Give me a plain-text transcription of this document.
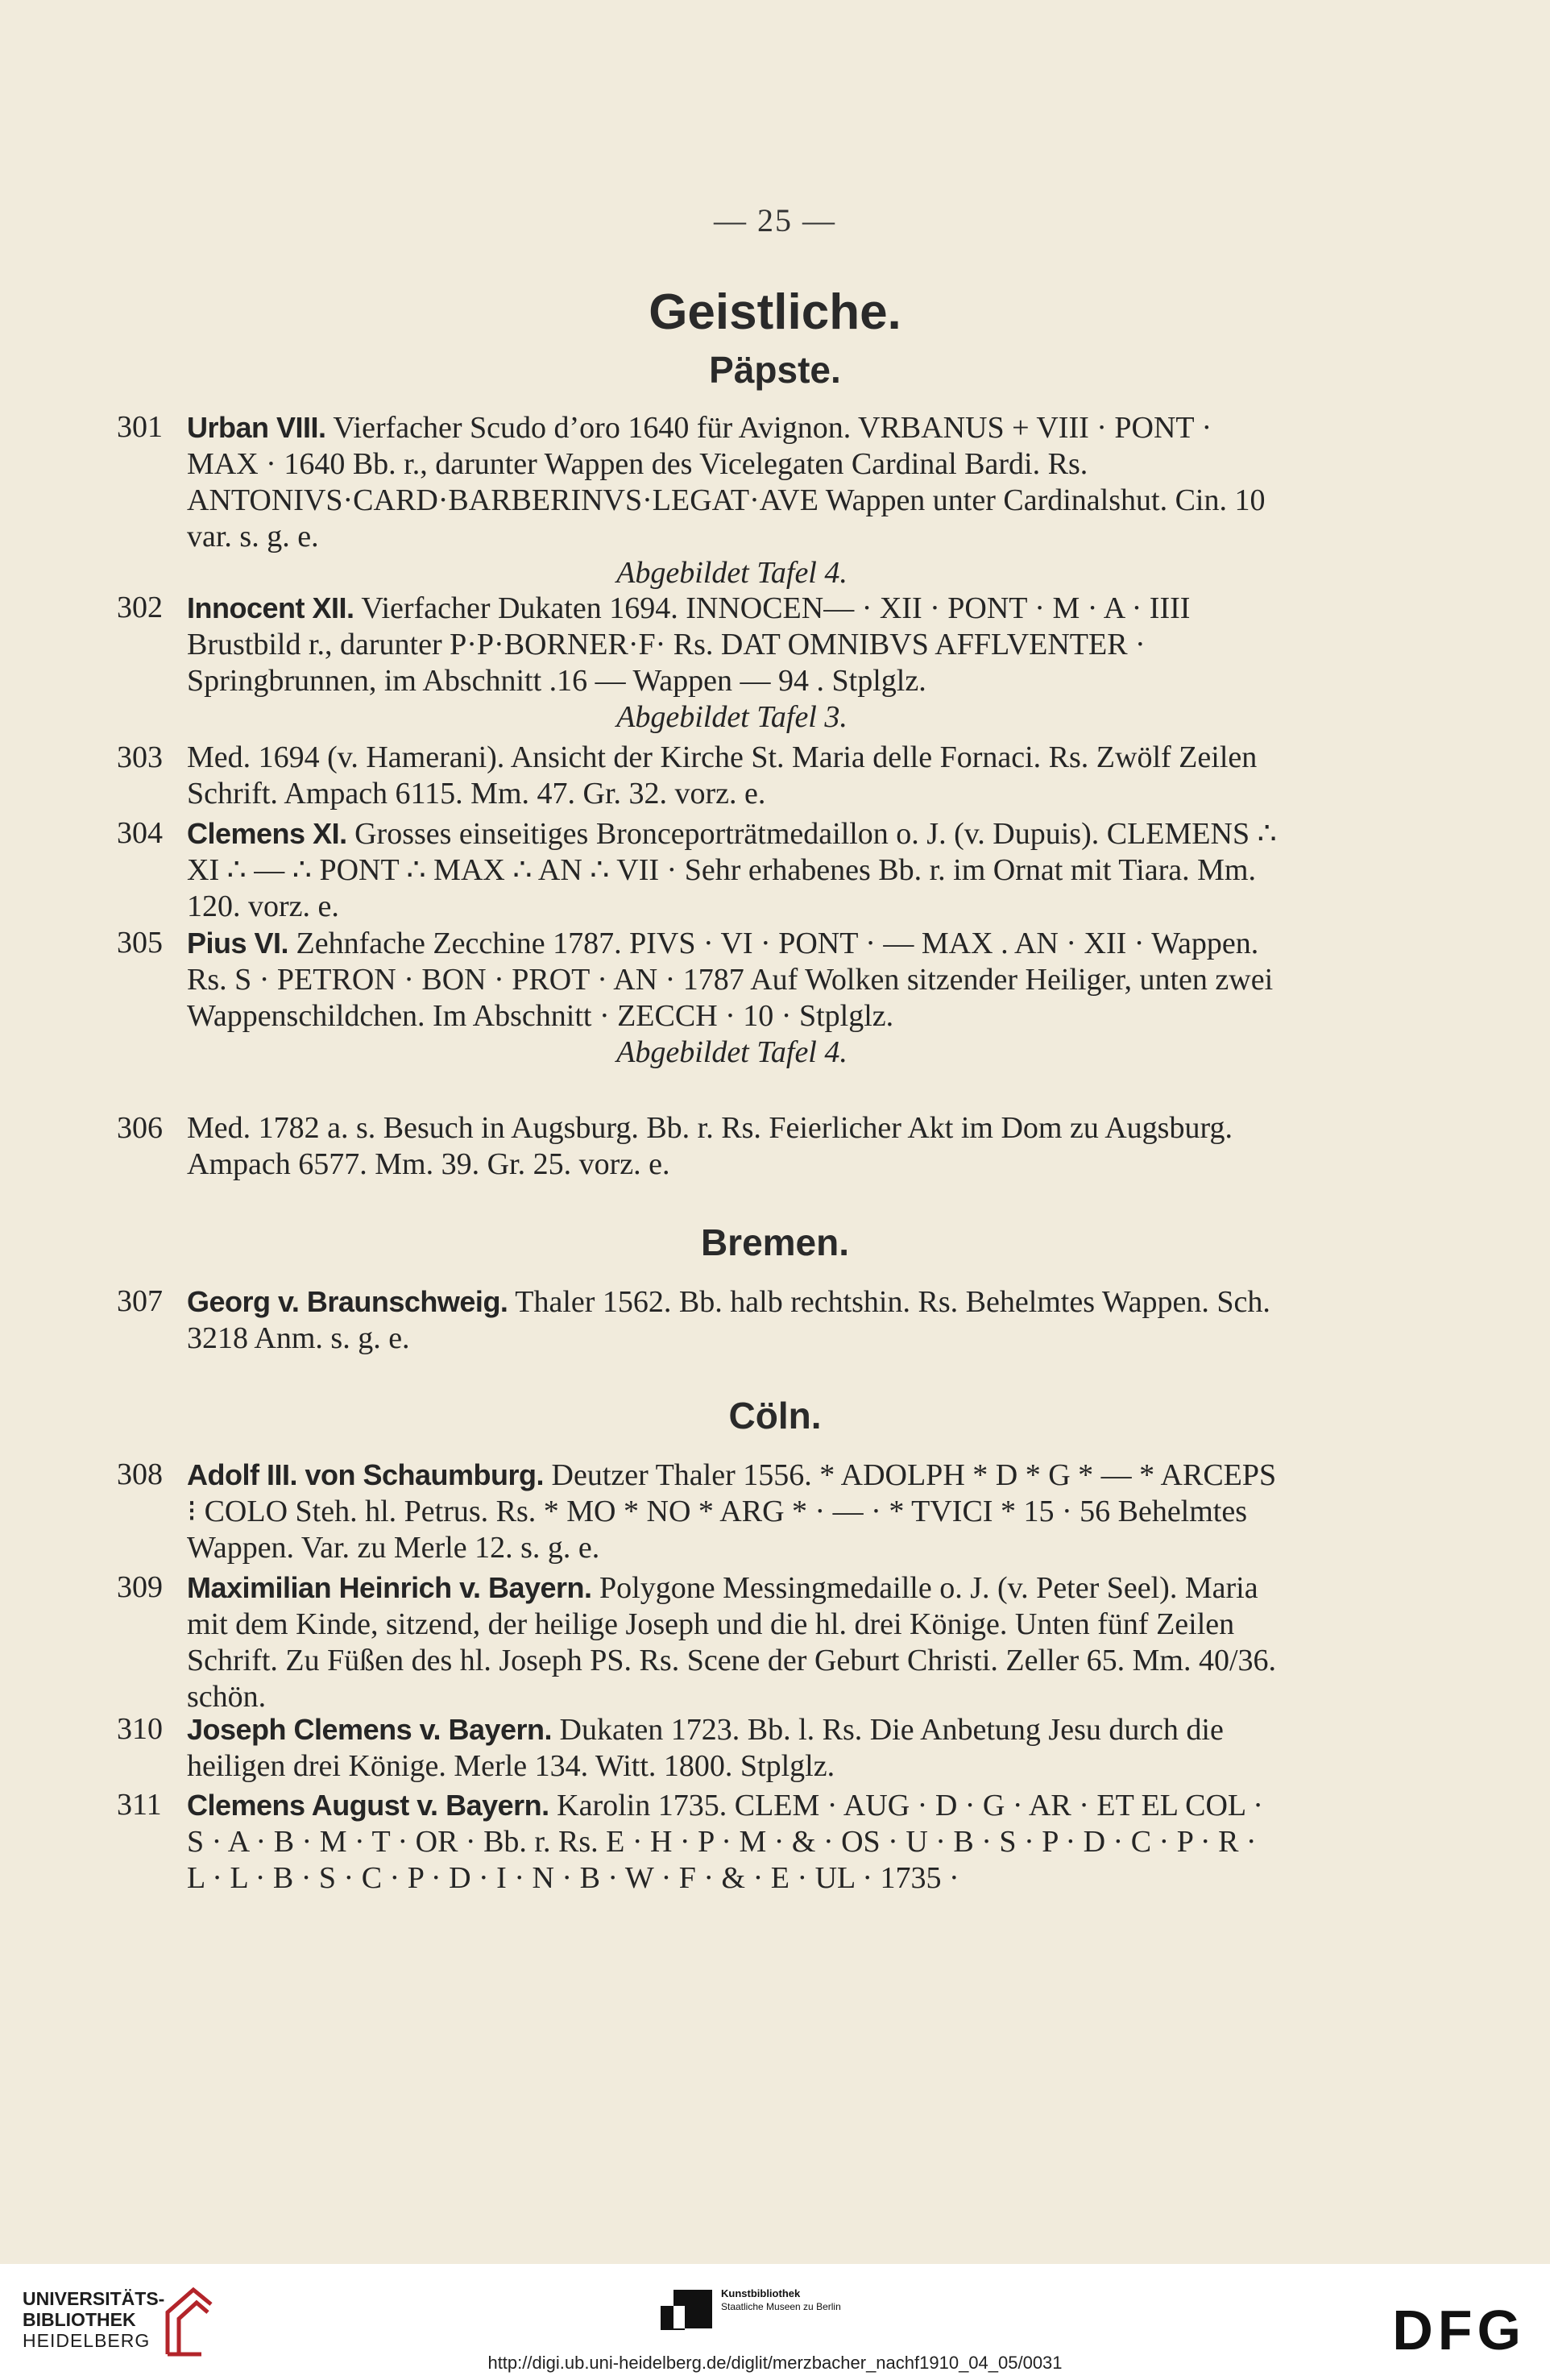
— 25 —
Geistliche.
Päpste.
301 Urban VIII. Vierfacher Scudo d’oro 1640 für Avignon. VRBANUS + VIII · PONT · MAX · 1640 Bb. r., darunter Wappen des Vicelegaten Cardinal Bardi. Rs. ANTONIVS·CARD·BARBERINVS·LEGAT·AVE Wappen unter Cardinalshut. Cin. 10 var. s. g. e.
Abgebildet Tafel 4.
302 Innocent XII. Vierfacher Dukaten 1694. INNOCEN— · XII · PONT · M · A · IIII Brustbild r., darunter P·P·BORNER·F· Rs. DAT OMNIBVS AFFLVENTER · Springbrunnen, im Abschnitt .16 — Wappen — 94 . Stplglz.
Abgebildet Tafel 3.
303 Med. 1694 (v. Hamerani). Ansicht der Kirche St. Maria delle Fornaci. Rs. Zwölf Zeilen Schrift. Ampach 6115. Mm. 47. Gr. 32. vorz. e.
304 Clemens XI. Grosses einseitiges Bronceporträtmedaillon o. J. (v. Dupuis). CLEMENS ∴ XI ∴ — ∴ PONT ∴ MAX ∴ AN ∴ VII · Sehr erhabenes Bb. r. im Ornat mit Tiara. Mm. 120. vorz. e.
305 Pius VI. Zehnfache Zecchine 1787. PIVS · VI · PONT · — MAX . AN · XII · Wappen. Rs. S · PETRON · BON · PROT · AN · 1787 Auf Wolken sitzender Heiliger, unten zwei Wappenschildchen. Im Abschnitt · ZECCH · 10 · Stplglz.
Abgebildet Tafel 4.
306 Med. 1782 a. s. Besuch in Augsburg. Bb. r. Rs. Feierlicher Akt im Dom zu Augsburg. Ampach 6577. Mm. 39. Gr. 25. vorz. e.
Bremen.
307 Georg v. Braunschweig. Thaler 1562. Bb. halb rechtshin. Rs. Behelmtes Wappen. Sch. 3218 Anm. s. g. e.
Cöln.
308 Adolf III. von Schaumburg. Deutzer Thaler 1556. * ADOLPH * D * G * — * ARCEPS ⁝ COLO Steh. hl. Petrus. Rs. * MO * NO * ARG * · — · * TVICI * 15 · 56 Behelmtes Wappen. Var. zu Merle 12. s. g. e.
309 Maximilian Heinrich v. Bayern. Polygone Messingmedaille o. J. (v. Peter Seel). Maria mit dem Kinde, sitzend, der heilige Joseph und die hl. drei Könige. Unten fünf Zeilen Schrift. Zu Füßen des hl. Joseph PS. Rs. Scene der Geburt Christi. Zeller 65. Mm. 40/36. schön.
310 Joseph Clemens v. Bayern. Dukaten 1723. Bb. l. Rs. Die Anbetung Jesu durch die heiligen drei Könige. Merle 134. Witt. 1800. Stplglz.
311 Clemens August v. Bayern. Karolin 1735. CLEM · AUG · D · G · AR · ET EL COL · S · A · B · M · T · OR · Bb. r. Rs. E · H · P · M · & · OS · U · B · S · P · D · C · P · R · L · L · B · S · C · P · D · I · N · B · W · F · & · E · UL · 1735 ·
UNIVERSITÄTS-
BIBLIOTHEK
HEIDELBERG
Kunstbibliothek
Staatliche Museen zu Berlin	DFG
http://digi.ub.uni-heidelberg.de/diglit/merzbacher_nachf1910_04_05/0031
